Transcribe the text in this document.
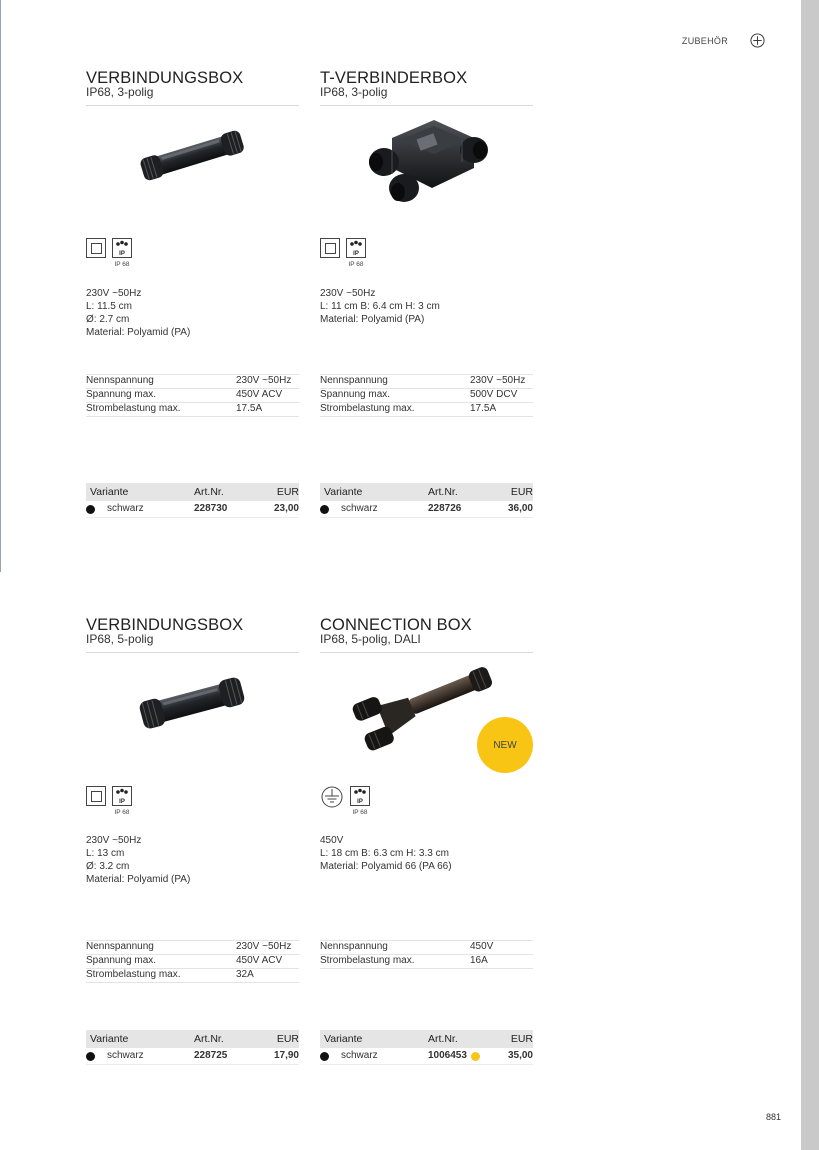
ZUBEHÖR
VERBINDUNGSBOX
IP68, 3-polig
IP
IP 68
230V ~50Hz
L: 11.5 cm
Ø: 2.7 cm
Material: Polyamid (PA)
Nennspannung	230V ~50Hz
Spannung max.	450V ACV
Strombelastung max.	17.5A
Variante	Art.Nr.	EUR
schwarz	228730	23,00
T-VERBINDERBOX
IP68, 3-polig
IP
IP 68
230V ~50Hz
L: 11 cm B: 6.4 cm H: 3 cm
Material: Polyamid (PA)
Nennspannung	230V ~50Hz
Spannung max.	500V DCV
Strombelastung max.	17.5A
Variante	Art.Nr.	EUR
schwarz	228726	36,00
VERBINDUNGSBOX
IP68, 5-polig
IP
IP 68
230V ~50Hz
L: 13 cm
Ø: 3.2 cm
Material: Polyamid (PA)
Nennspannung	230V ~50Hz
Spannung max.	450V ACV
Strombelastung max.	32A
Variante	Art.Nr.	EUR
schwarz	228725	17,90
CONNECTION BOX
IP68, 5-polig, DALI
NEW
IP
IP 68
450V
L: 18 cm B: 6.3 cm H: 3.3 cm
Material: Polyamid 66 (PA 66)
Nennspannung	450V
Strombelastung max.	16A
Variante	Art.Nr.	EUR
schwarz	1006453	35,00
881
